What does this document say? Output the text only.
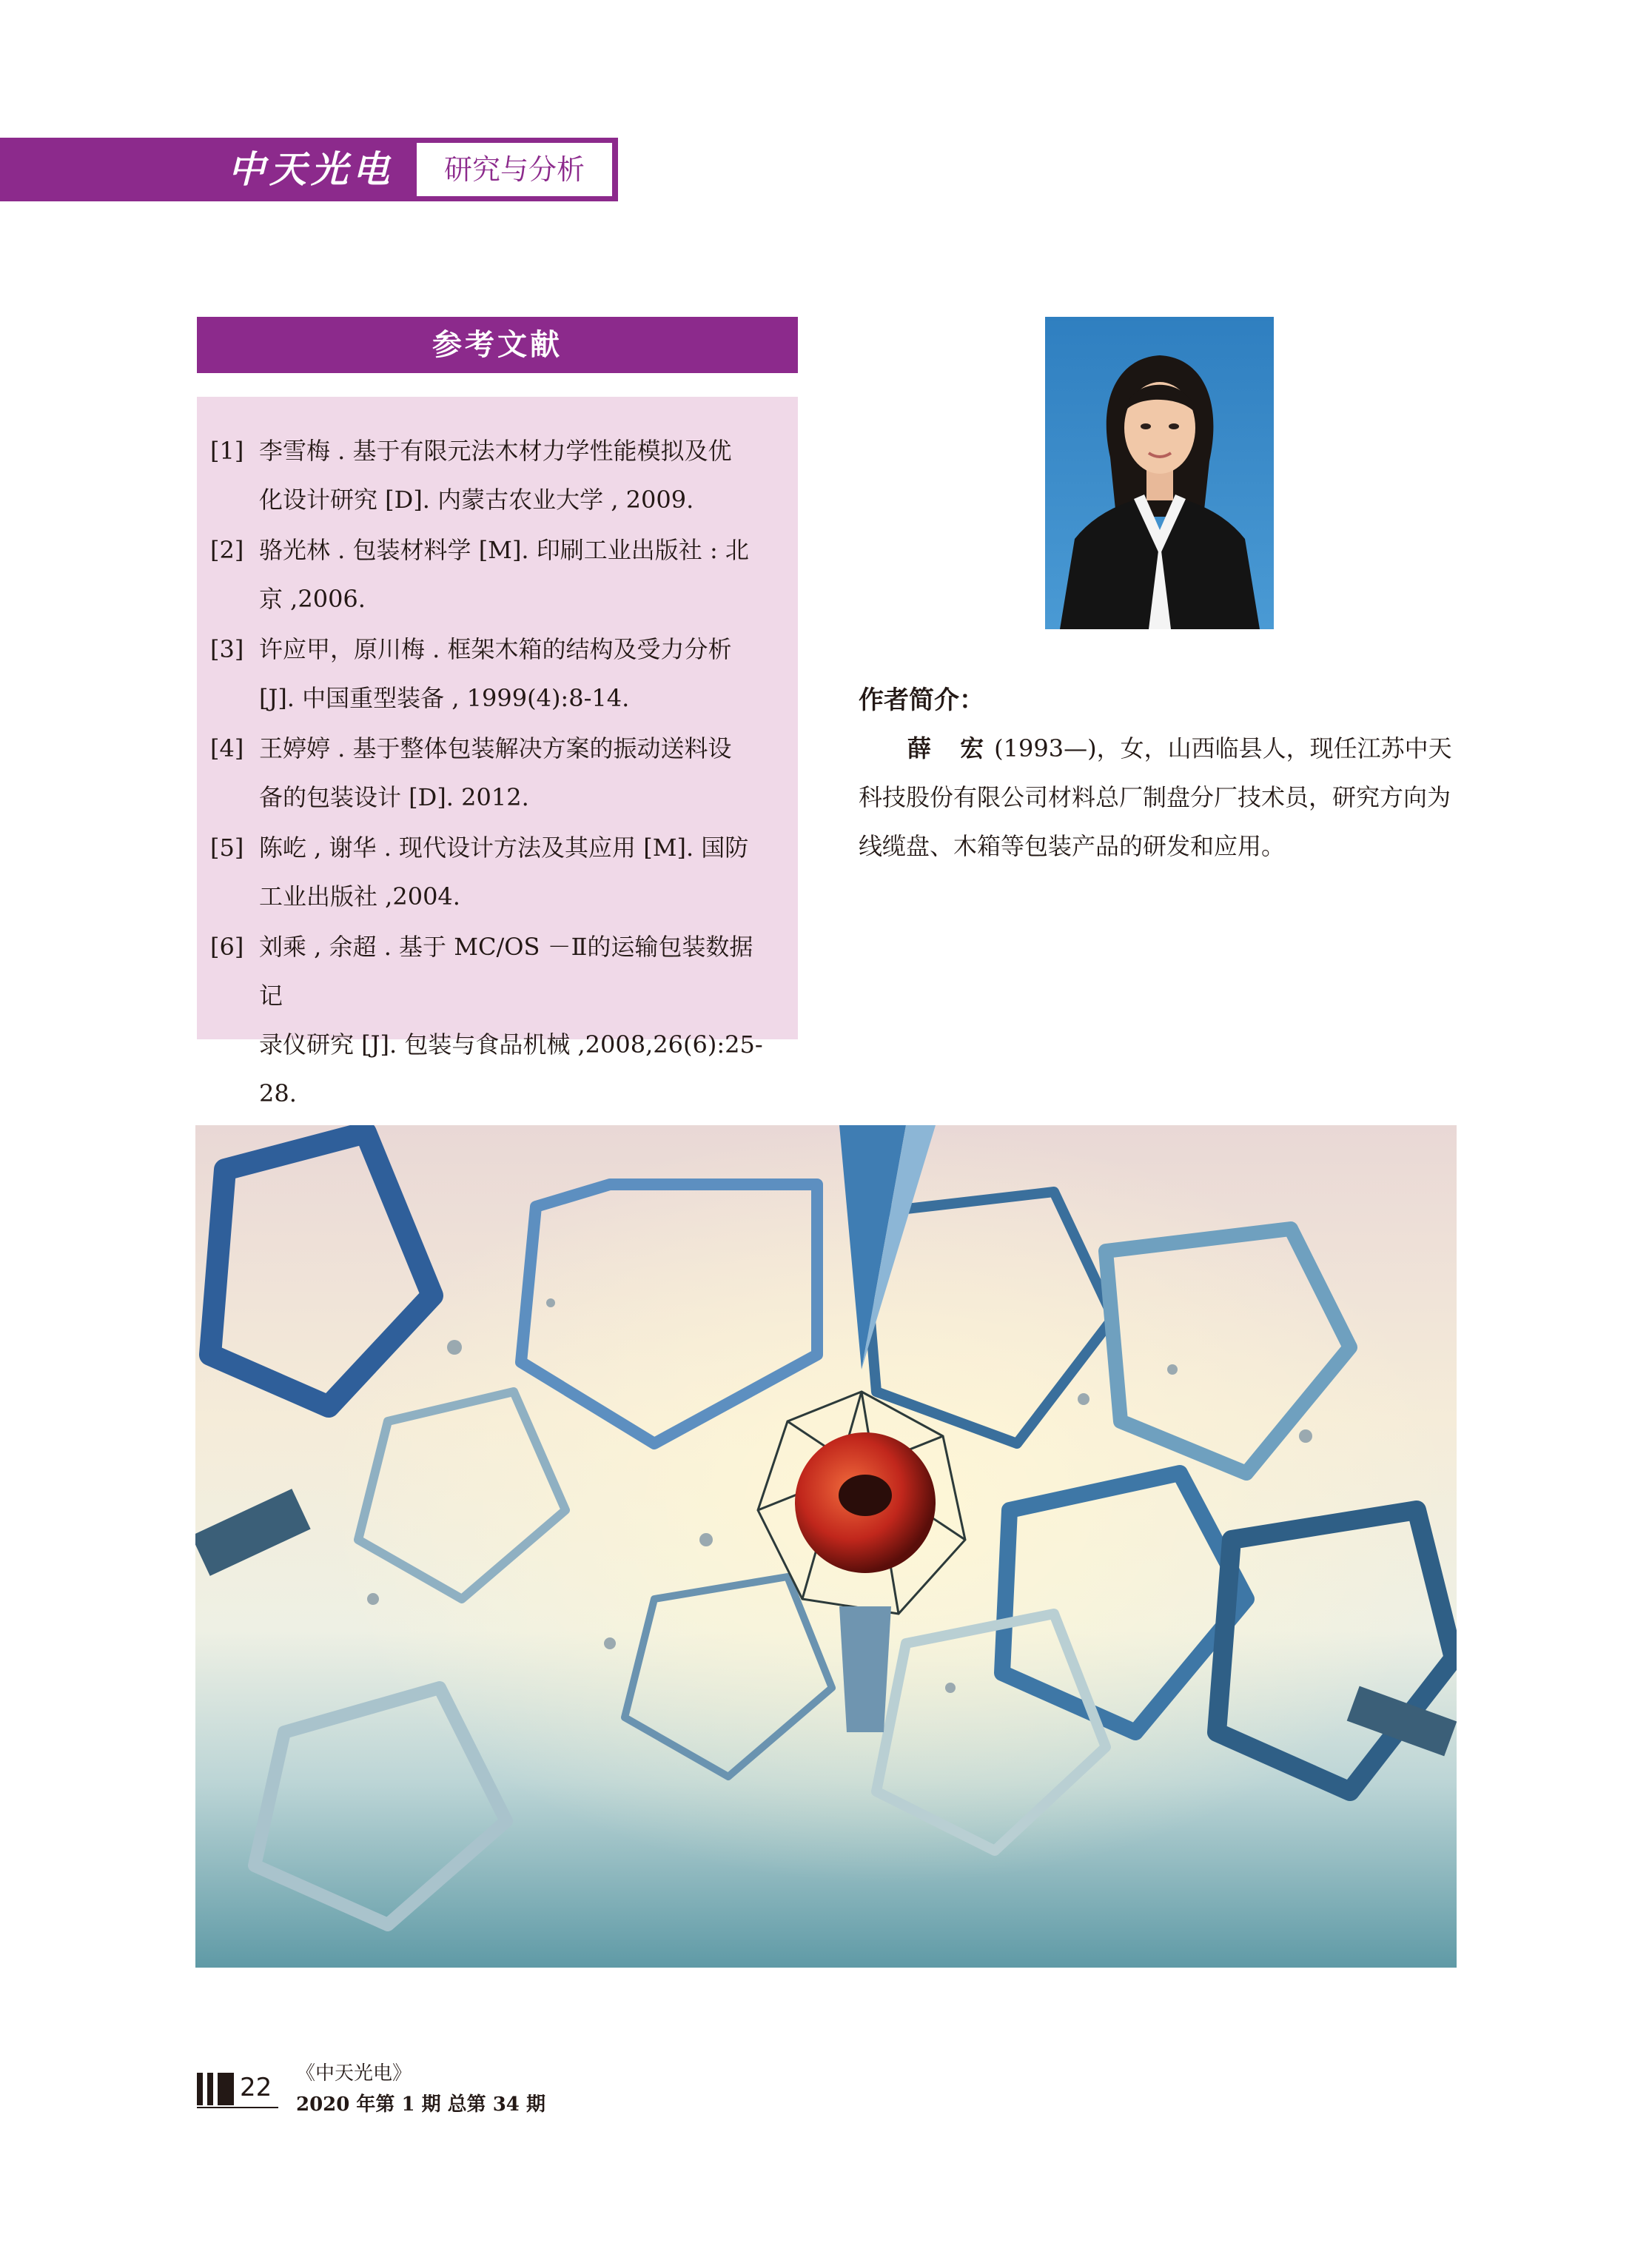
中天光电	研究与分析
参考文献
[1] 李雪梅 . 基于有限元法木材力学性能模拟及优
化设计研究 [D]. 内蒙古农业大学 , 2009.
[2] 骆光林 . 包装材料学 [M]. 印刷工业出版社 : 北
京 ,2006.
[3] 许应甲，原川梅 . 框架木箱的结构及受力分析
[J]. 中国重型装备 , 1999(4):8-14.
[4] 王婷婷 . 基于整体包装解决方案的振动送料设
备的包装设计 [D]. 2012.
[5] 陈屹 , 谢华 . 现代设计方法及其应用 [M]. 国防
工业出版社 ,2004.
[6] 刘乘 , 余超 . 基于 MC/OS －Ⅱ的运输包装数据记
录仪研究 [J]. 包装与食品机械 ,2008,26(6):25-28.
作者简介：
薛 宏(1993—)，女，山西临县人，现任江苏中天科技股份有限公司材料总厂制盘分厂技术员，研究方向为线缆盘、木箱等包装产品的研发和应用。
22 《中天光电》
2020 年第 1 期 总第 34 期
